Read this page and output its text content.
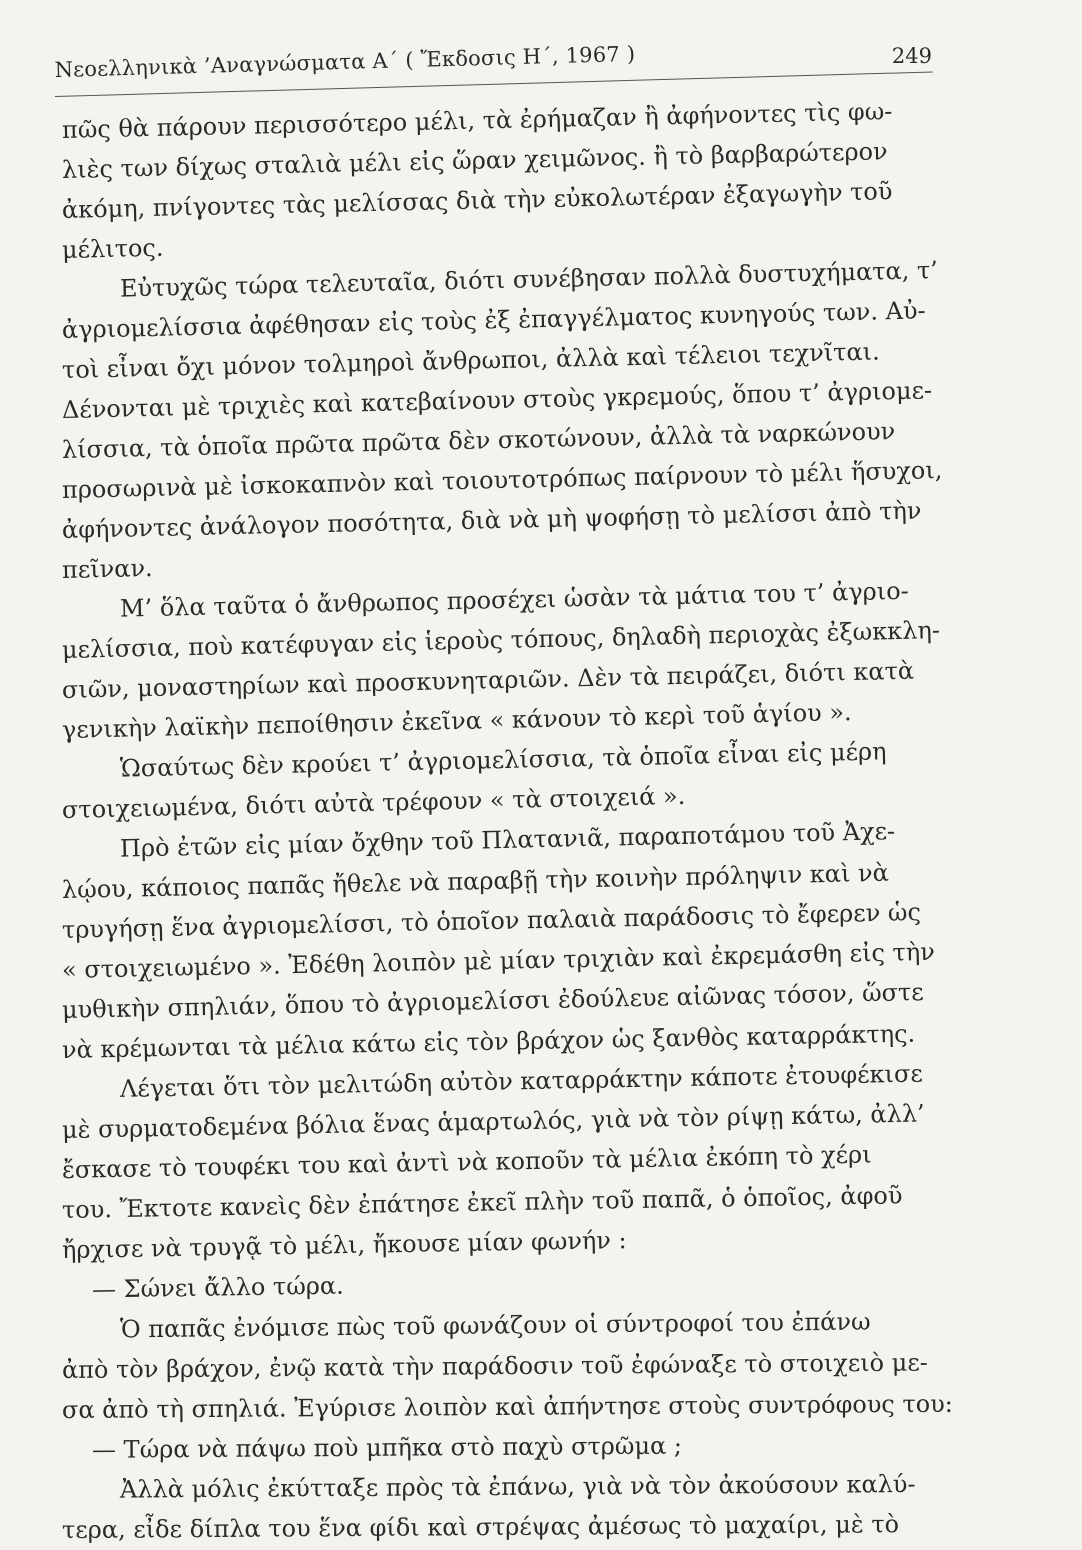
Νεοελληνικὰ ’Αναγνώσματα Α΄ ( Ἔκδοσις Η΄, 1967 )	249
πῶς θὰ πάρουν περισσότερο μέλι, τὰ ἐρήμαζαν ἢ ἀφήνοντες τὶς φω-
λιὲς των δίχως σταλιὰ μέλι εἰς ὥραν χειμῶνος. ἢ τὸ βαρβαρώτερον
ἀκόμη, πνίγοντες τὰς μελίσσας διὰ τὴν εὐκολωτέραν ἐξαγωγὴν τοῦ
μέλιτος.
Εὐτυχῶς τώρα τελευταῖα, διότι συνέβησαν πολλὰ δυστυχήματα, τ’
ἀγριομελίσσια ἀφέθησαν εἰς τοὺς ἐξ ἐπαγγέλματος κυνηγούς των. Αὐ-
τοὶ εἶναι ὄχι μόνον τολμηροὶ ἄνθρωποι, ἀλλὰ καὶ τέλειοι τεχνῖται.
Δένονται μὲ τριχιὲς καὶ κατεβαίνουν στοὺς γκρεμούς, ὅπου τ’ ἀγριομε-
λίσσια, τὰ ὁποῖα πρῶτα πρῶτα δὲν σκοτώνουν, ἀλλὰ τὰ ναρκώνουν
προσωρινὰ μὲ ἰσκοκαπνὸν καὶ τοιουτοτρόπως παίρνουν τὸ μέλι ἥσυχοι,
ἀφήνοντες ἀνάλογον ποσότητα, διὰ νὰ μὴ ψοφήσῃ τὸ μελίσσι ἀπὸ τὴν
πεῖναν.
Μ’ ὅλα ταῦτα ὁ ἄνθρωπος προσέχει ὡσὰν τὰ μάτια του τ’ ἀγριο-
μελίσσια, ποὺ κατέφυγαν εἰς ἱεροὺς τόπους, δηλαδὴ περιοχὰς ἐξωκκλη-
σιῶν, μοναστηρίων καὶ προσκυνηταριῶν. Δὲν τὰ πειράζει, διότι κατὰ
γενικὴν λαϊκὴν πεποίθησιν ἐκεῖνα « κάνουν τὸ κερὶ τοῦ ἁγίου ».
Ὡσαύτως δὲν κρούει τ’ ἀγριομελίσσια, τὰ ὁποῖα εἶναι εἰς μέρη
στοιχειωμένα, διότι αὐτὰ τρέφουν « τὰ στοιχειά ».
Πρὸ ἐτῶν εἰς μίαν ὄχθην τοῦ Πλατανιᾶ, παραποτάμου τοῦ Ἀχε-
λῴου, κάποιος παπᾶς ἤθελε νὰ παραβῇ τὴν κοινὴν πρόληψιν καὶ νὰ
τρυγήσῃ ἕνα ἀγριομελίσσι, τὸ ὁποῖον παλαιὰ παράδοσις τὸ ἔφερεν ὡς
« στοιχειωμένο ». Ἐδέθη λοιπὸν μὲ μίαν τριχιὰν καὶ ἐκρεμάσθη εἰς τὴν
μυθικὴν σπηλιάν, ὅπου τὸ ἀγριομελίσσι ἐδούλευε αἰῶνας τόσον, ὥστε
νὰ κρέμωνται τὰ μέλια κάτω εἰς τὸν βράχον ὡς ξανθὸς καταρράκτης.
Λέγεται ὅτι τὸν μελιτώδη αὐτὸν καταρράκτην κάποτε ἐτουφέκισε
μὲ συρματοδεμένα βόλια ἕνας ἁμαρτωλός, γιὰ νὰ τὸν ρίψῃ κάτω, ἀλλ’
ἔσκασε τὸ τουφέκι του καὶ ἀντὶ νὰ κοποῦν τὰ μέλια ἐκόπη τὸ χέρι
του. Ἔκτοτε κανεὶς δὲν ἐπάτησε ἐκεῖ πλὴν τοῦ παπᾶ, ὁ ὁποῖος, ἀφοῦ
ἤρχισε νὰ τρυγᾷ τὸ μέλι, ἤκουσε μίαν φωνήν :
— Σώνει ἄλλο τώρα.
Ὁ παπᾶς ἐνόμισε πὼς τοῦ φωνάζουν οἱ σύντροφοί του ἐπάνω
ἀπὸ τὸν βράχον, ἐνῷ κατὰ τὴν παράδοσιν τοῦ ἐφώναξε τὸ στοιχειὸ με-
σα ἀπὸ τὴ σπηλιά. Ἐγύρισε λοιπὸν καὶ ἀπήντησε στοὺς συντρόφους του:
— Τώρα νὰ πάψω ποὺ μπῆκα στὸ παχὺ στρῶμα ;
Ἀλλὰ μόλις ἐκύτταξε πρὸς τὰ ἐπάνω, γιὰ νὰ τὸν ἀκούσουν καλύ-
τερα, εἶδε δίπλα του ἕνα φίδι καὶ στρέψας ἀμέσως τὸ μαχαίρι, μὲ τὸ
